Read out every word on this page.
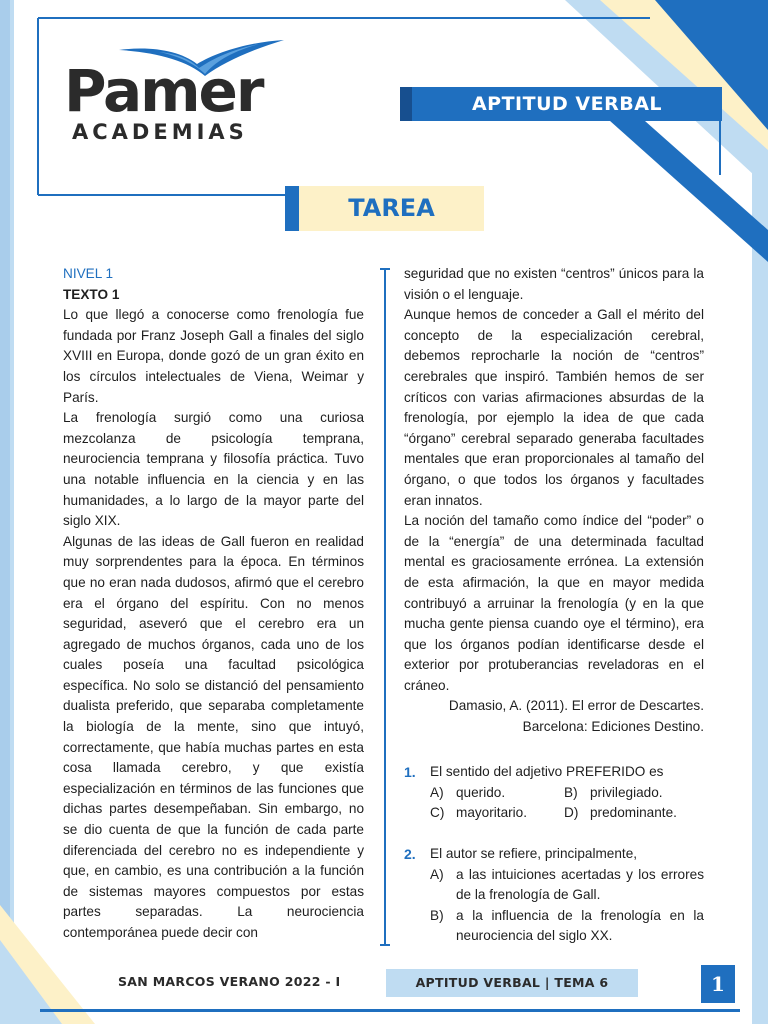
Pamer
ACADEMIAS
APTITUD VERBAL
TAREA

NIVEL 1

TEXTO 1

Lo que llegó a conocerse como frenología fue fundada por Franz Joseph Gall a finales del siglo XVIII en Europa, donde gozó de un gran éxito en los círculos intelectuales de Viena, Weimar y París.

La frenología surgió como una curiosa mezcolanza de psicología temprana, neurociencia temprana y filosofía práctica. Tuvo una notable influencia en la ciencia y en las humanidades, a lo largo de la mayor parte del siglo XIX.

Algunas de las ideas de Gall fueron en realidad muy sorprendentes para la época. En términos que no eran nada dudosos, afirmó que el cerebro era el órgano del espíritu. Con no menos seguridad, aseveró que el cerebro era un agregado de muchos órganos, cada uno de los cuales poseía una facultad psicológica específica. No solo se distanció del pensamiento dualista preferido, que separaba completamente la biología de la mente, sino que intuyó, correctamente, que había muchas partes en esta cosa llamada cerebro, y que existía especialización en términos de las funciones que dichas partes desempeñaban. Sin embargo, no se dio cuenta de que la función de cada parte diferenciada del cerebro no es independiente y que, en cambio, es una contribución a la función de sistemas mayores compuestos por estas partes separadas. La neurociencia contemporánea puede decir con

seguridad que no existen “centros” únicos para la visión o el lenguaje.

Aunque hemos de conceder a Gall el mérito del concepto de la especialización cerebral, debemos reprocharle la noción de “centros” cerebrales que inspiró. También hemos de ser críticos con varias afirmaciones absurdas de la frenología, por ejemplo la idea de que cada “órgano” cerebral separado generaba facultades mentales que eran proporcionales al tamaño del órgano, o que todos los órganos y facultades eran innatos.

La noción del tamaño como índice del “poder” o de la “energía” de una determinada facultad mental es graciosamente errónea. La extensión de esta afirmación, la que en mayor medida contribuyó a arruinar la frenología (y en la que mucha gente piensa cuando oye el término), era que los órganos podían identificarse desde el exterior por protuberancias reveladoras en el cráneo.

Damasio, A. (2011). El error de Descartes.

Barcelona: Ediciones Destino.

1. El sentido del adjetivo PREFERIDO es
A) querido.	B) privilegiado.
C) mayoritario.	D) predominante.
2. El autor se refiere, principalmente,
A) a las intuiciones acertadas y los errores de la frenología de Gall.
B) a la influencia de la frenología en la neurociencia del siglo XX.
SAN MARCOS VERANO 2022 - I	APTITUD VERBAL | TEMA 6	1
